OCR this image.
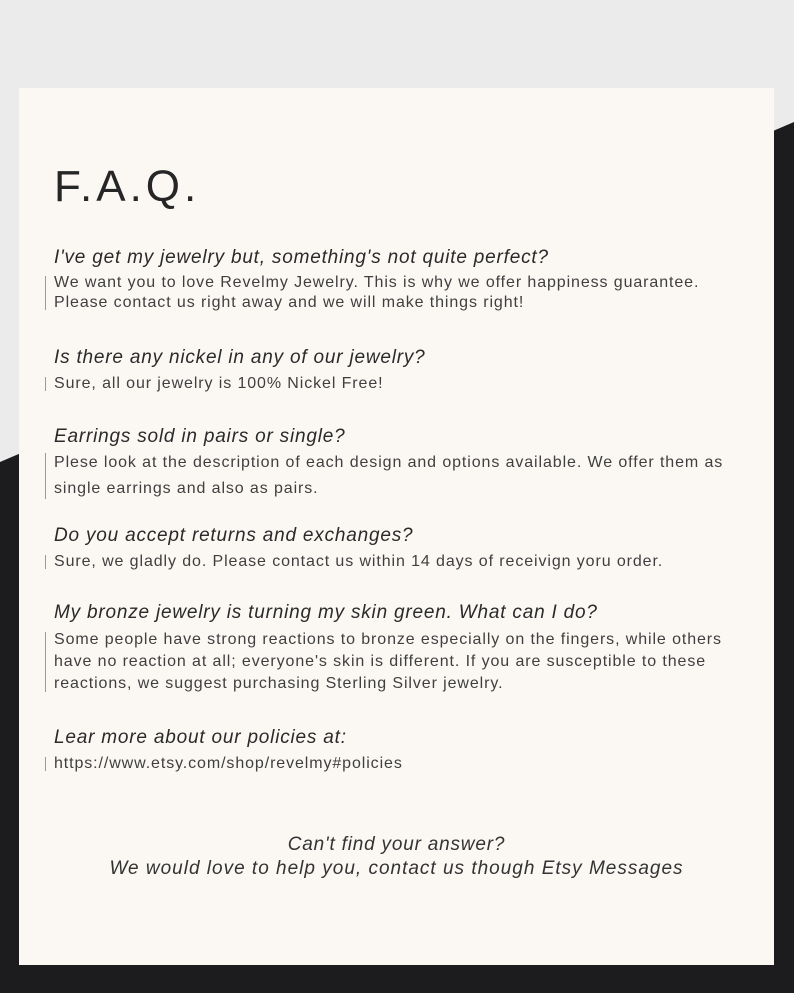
F.A.Q.

I've get my jewelry but, something's not quite perfect?

We want you to love Revelmy Jewelry. This is why we offer happiness guarantee. Please contact us right away and we will make things right!

Is there any nickel in any of our jewelry?

Sure, all our jewelry is 100% Nickel Free!

Earrings sold in pairs or single?

Plese look at the description of each design and options available. We offer them as single earrings and also as pairs.

Do you accept returns and exchanges?

Sure, we gladly do. Please contact us within 14 days of receivign yoru order.

My bronze jewelry is turning my skin green. What can I do?

Some people have strong reactions to bronze especially on the fingers, while others have no reaction at all; everyone's skin is different. If you are susceptible to these reactions, we suggest purchasing Sterling Silver jewelry.

Lear more about our policies at:

https://www.etsy.com/shop/revelmy#policies

Can't find your answer?
We would love to help you, contact us though Etsy Messages
